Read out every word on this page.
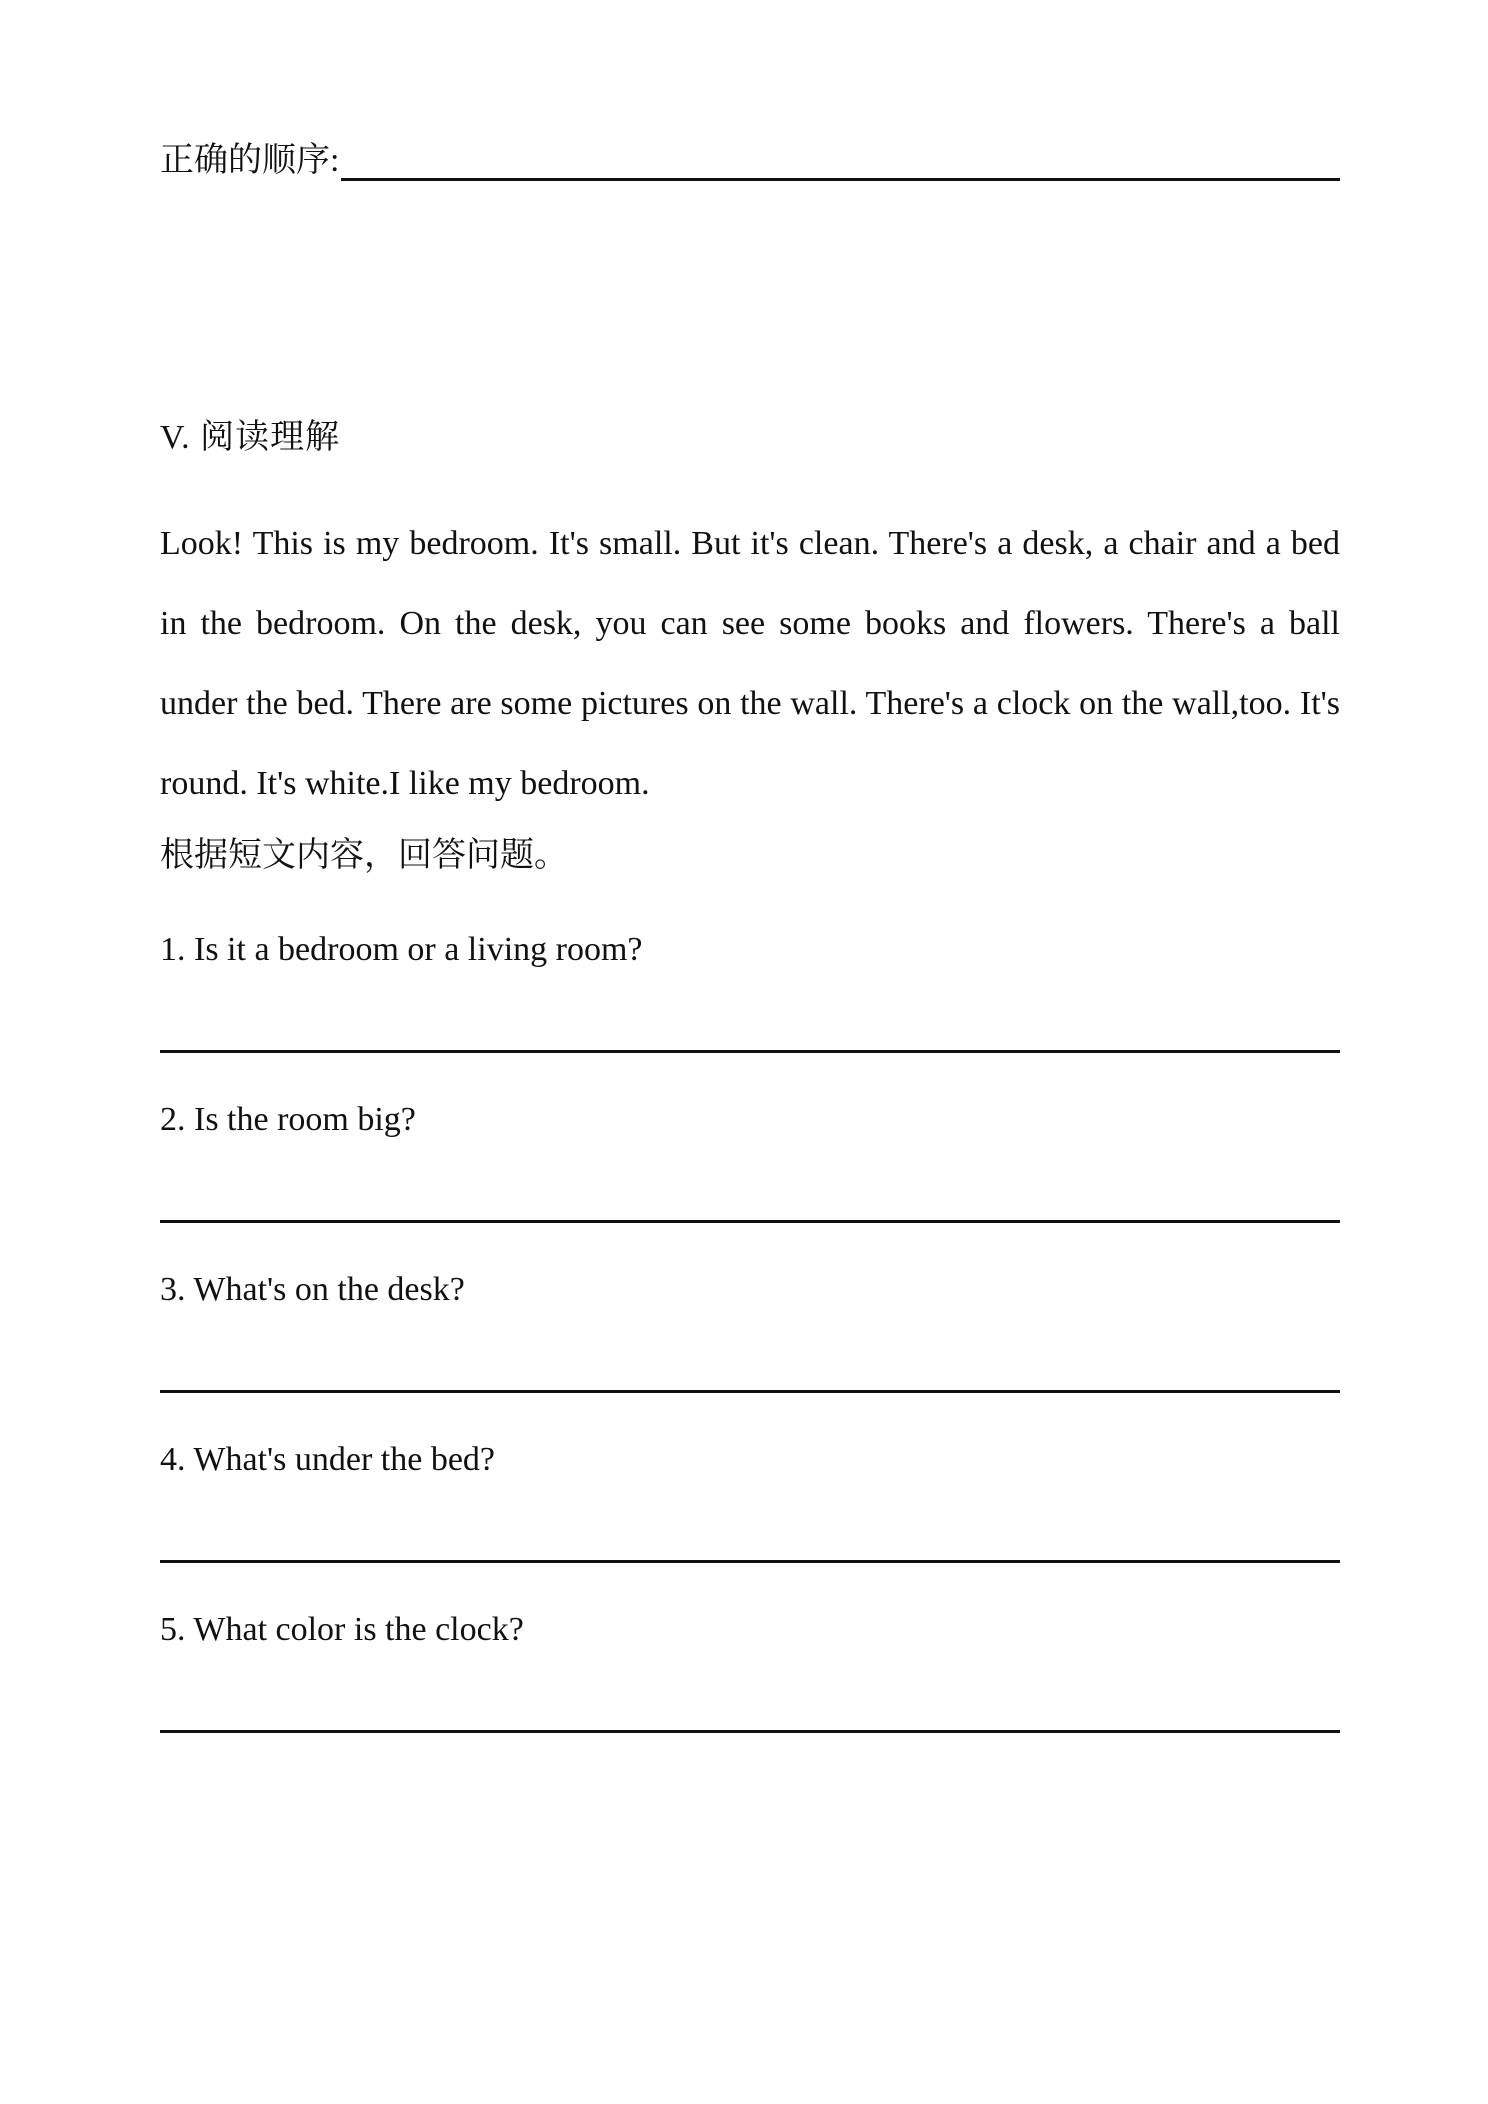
正确的顺序:
V. 阅读理解
Look! This is my bedroom. It's small. But it's clean. There's a desk, a chair and a bed in the bedroom. On the desk, you can see some books and flowers. There's a ball under the bed. There are some pictures on the wall. There's a clock on the wall,too. It's round. It's white.I like my bedroom.
根据短文内容，回答问题。
1. Is it a bedroom or a living room?
2. Is the room big?
3. What's on the desk?
4. What's under the bed?
5. What color is the clock?
